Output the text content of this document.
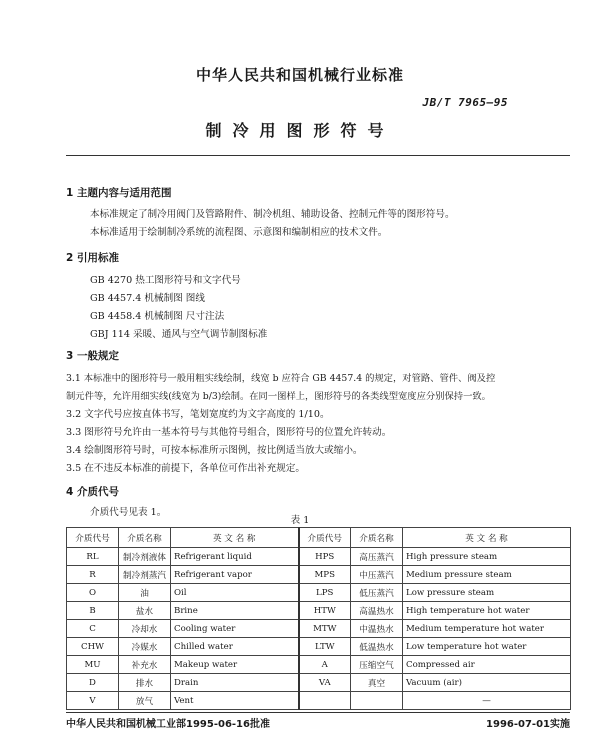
中华人民共和国机械行业标准
JB/T 7965—95
制冷用图形符号
1 主题内容与适用范围
本标准规定了制冷用阀门及管路附件、制冷机组、辅助设备、控制元件等的图形符号。
本标准适用于绘制制冷系统的流程图、示意图和编制相应的技术文件。
2 引用标准
GB 4270 热工图形符号和文字代号
GB 4457.4 机械制图 图线
GB 4458.4 机械制图 尺寸注法
GBJ 114 采暖、通风与空气调节制图标准
3 一般规定
3.1 本标准中的图形符号一般用粗实线绘制，线宽 b 应符合 GB 4457.4 的规定，对管路、管件、阀及控
制元件等，允许用细实线(线宽为 b/3)绘制。在同一图样上，图形符号的各类线型宽度应分别保持一致。
3.2 文字代号应按直体书写，笔划宽度约为文字高度的 1/10。
3.3 图形符号允许由一基本符号与其他符号组合，图形符号的位置允许转动。
3.4 绘制图形符号时，可按本标准所示图例，按比例适当放大或缩小。
3.5 在不违反本标准的前提下，各单位可作出补充规定。
4 介质代号
介质代号见表 1。
表 1
介质代号	介质名称	英 文 名 称	介质代号	介质名称	英 文 名 称
RL	制冷剂液体	Refrigerant liquid	HPS	高压蒸汽	High pressure steam
R	制冷剂蒸汽	Refrigerant vapor	MPS	中压蒸汽	Medium pressure steam
O	油	Oil	LPS	低压蒸汽	Low pressure steam
B	盐水	Brine	HTW	高温热水	High temperature hot water
C	冷却水	Cooling water	MTW	中温热水	Medium temperature hot water
CHW	冷媒水	Chilled water	LTW	低温热水	Low temperature hot water
MU	补充水	Makeup water	A	压缩空气	Compressed air
D	排水	Drain	VA	真空	Vacuum (air)
V	放气	Vent			—
中华人民共和国机械工业部1995-06-16批准	1996-07-01实施
